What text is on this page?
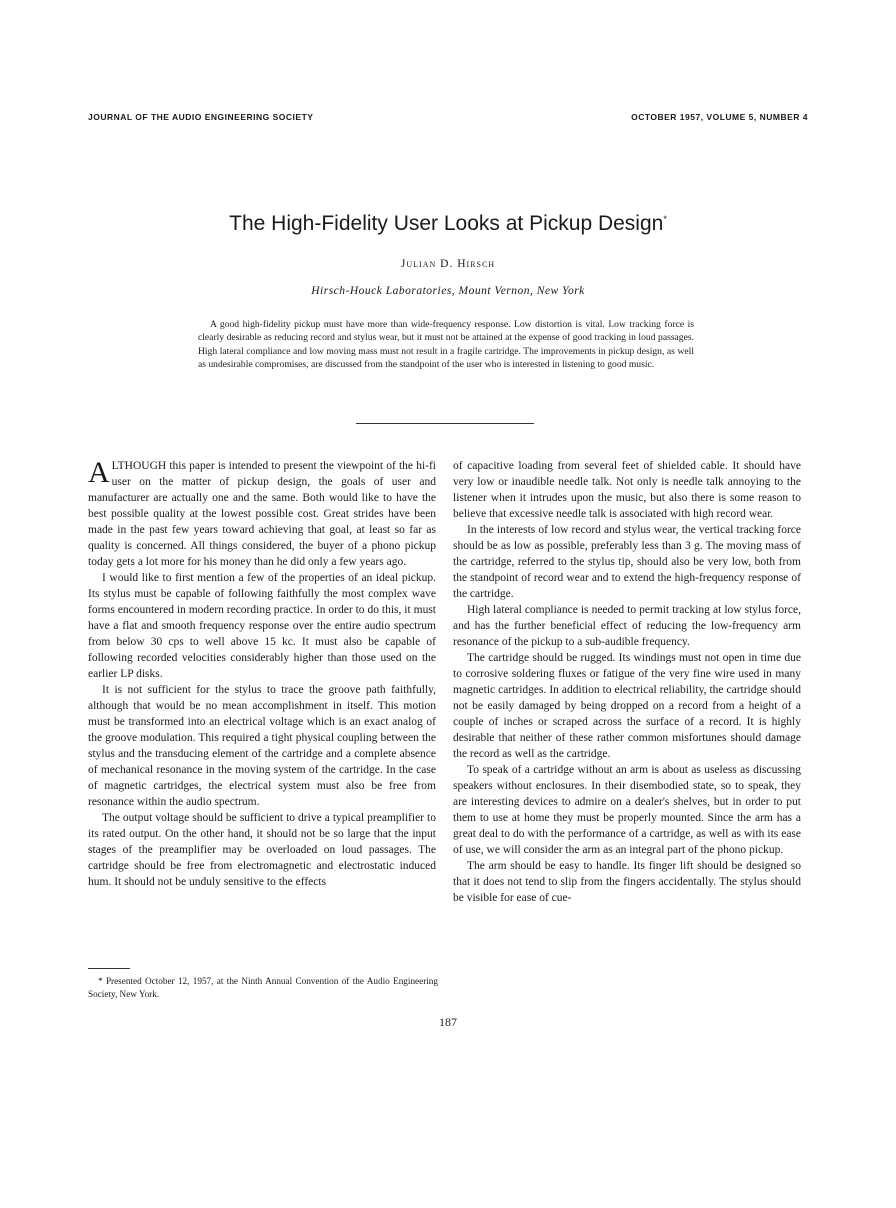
JOURNAL OF THE AUDIO ENGINEERING SOCIETY	OCTOBER 1957, VOLUME 5, NUMBER 4
The High-Fidelity User Looks at Pickup Design*
Julian D. Hirsch
Hirsch-Houck Laboratories, Mount Vernon, New York
A good high-fidelity pickup must have more than wide-frequency response. Low distortion is vital. Low tracking force is clearly desirable as reducing record and stylus wear, but it must not be attained at the expense of good tracking in loud passages. High lateral compliance and low moving mass must not result in a fragile cartridge. The improvements in pickup design, as well as undesirable compromises, are discussed from the standpoint of the user who is interested in listening to good music.

ALTHOUGH this paper is intended to present the viewpoint of the hi-fi user on the matter of pickup design, the goals of user and manufacturer are actually one and the same. Both would like to have the best possible quality at the lowest possible cost. Great strides have been made in the past few years toward achieving that goal, at least so far as quality is concerned. All things considered, the buyer of a phono pickup today gets a lot more for his money than he did only a few years ago.

I would like to first mention a few of the properties of an ideal pickup. Its stylus must be capable of following faithfully the most complex wave forms encountered in modern recording practice. In order to do this, it must have a flat and smooth frequency response over the entire audio spectrum from below 30 cps to well above 15 kc. It must also be capable of following recorded velocities considerably higher than those used on the earlier LP disks.

It is not sufficient for the stylus to trace the groove path faithfully, although that would be no mean accomplishment in itself. This motion must be transformed into an electrical voltage which is an exact analog of the groove modulation. This required a tight physical coupling between the stylus and the transducing element of the cartridge and a complete absence of mechanical resonance in the moving system of the cartridge. In the case of magnetic cartridges, the electrical system must also be free from resonance within the audio spectrum.

The output voltage should be sufficient to drive a typical preamplifier to its rated output. On the other hand, it should not be so large that the input stages of the preamplifier may be overloaded on loud passages. The cartridge should be free from electromagnetic and electrostatic induced hum. It should not be unduly sensitive to the effects

of capacitive loading from several feet of shielded cable. It should have very low or inaudible needle talk. Not only is needle talk annoying to the listener when it intrudes upon the music, but also there is some reason to believe that excessive needle talk is associated with high record wear.

In the interests of low record and stylus wear, the vertical tracking force should be as low as possible, preferably less than 3 g. The moving mass of the cartridge, referred to the stylus tip, should also be very low, both from the standpoint of record wear and to extend the high-frequency response of the cartridge.

High lateral compliance is needed to permit tracking at low stylus force, and has the further beneficial effect of reducing the low-frequency arm resonance of the pickup to a sub-audible frequency.

The cartridge should be rugged. Its windings must not open in time due to corrosive soldering fluxes or fatigue of the very fine wire used in many magnetic cartridges. In addition to electrical reliability, the cartridge should not be easily damaged by being dropped on a record from a height of a couple of inches or scraped across the surface of a record. It is highly desirable that neither of these rather common misfortunes should damage the record as well as the cartridge.

To speak of a cartridge without an arm is about as useless as discussing speakers without enclosures. In their disembodied state, so to speak, they are interesting devices to admire on a dealer's shelves, but in order to put them to use at home they must be properly mounted. Since the arm has a great deal to do with the performance of a cartridge, as well as with its ease of use, we will consider the arm as an integral part of the phono pickup.

The arm should be easy to handle. Its finger lift should be designed so that it does not tend to slip from the fingers accidentally. The stylus should be visible for ease of cue-

* Presented October 12, 1957, at the Ninth Annual Convention of the Audio Engineering Society, New York.
187
